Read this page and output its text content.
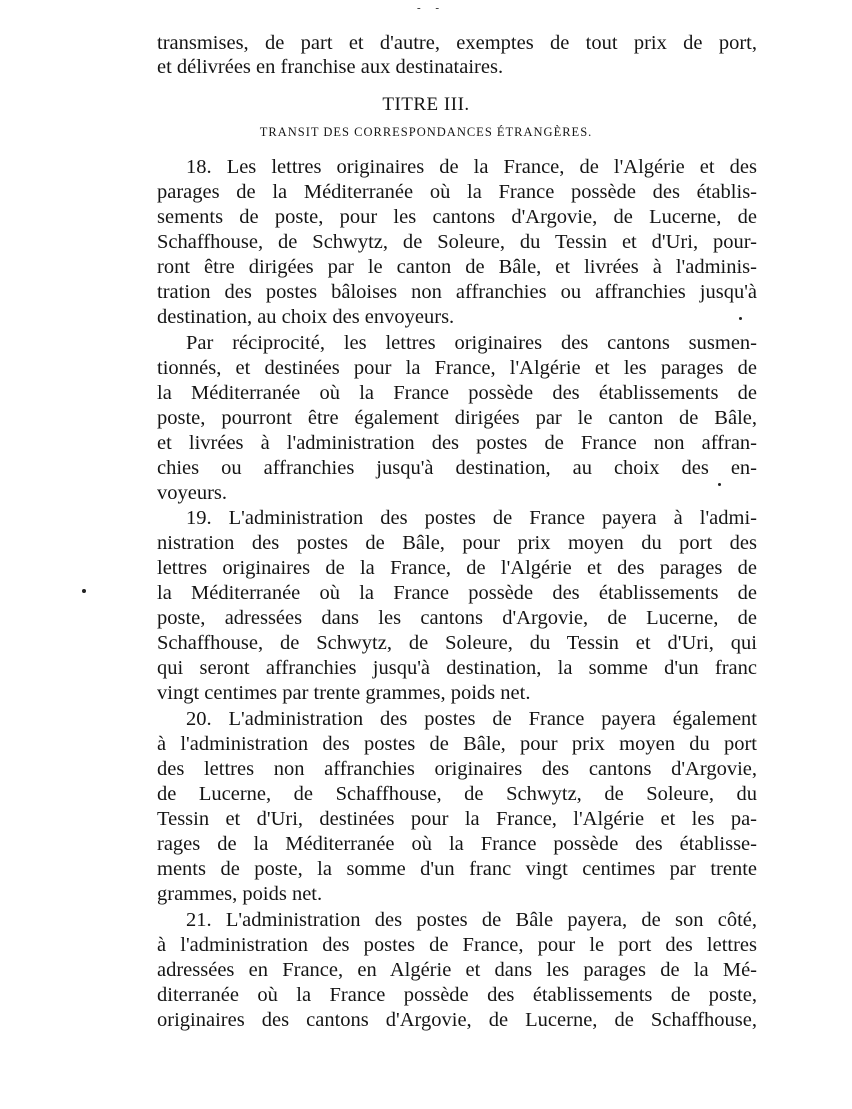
- -
transmises, de part et d'autre, exemptes de tout prix de port,
et délivrées en franchise aux destinataires.
TITRE III.
TRANSIT DES CORRESPONDANCES ÉTRANGÈRES.
18. Les lettres originaires de la France, de l'Algérie et des
parages de la Méditerranée où la France possède des établis-
sements de poste, pour les cantons d'Argovie, de Lucerne, de
Schaffhouse, de Schwytz, de Soleure, du Tessin et d'Uri, pour-
ront être dirigées par le canton de Bâle, et livrées à l'adminis-
tration des postes bâloises non affranchies ou affranchies jusqu'à
destination, au choix des envoyeurs.
Par réciprocité, les lettres originaires des cantons susmen-
tionnés, et destinées pour la France, l'Algérie et les parages de
la Méditerranée où la France possède des établissements de
poste, pourront être également dirigées par le canton de Bâle,
et livrées à l'administration des postes de France non affran-
chies ou affranchies jusqu'à destination, au choix des en-
voyeurs.
19. L'administration des postes de France payera à l'admi-
nistration des postes de Bâle, pour prix moyen du port des
lettres originaires de la France, de l'Algérie et des parages de
la Méditerranée où la France possède des établissements de
poste, adressées dans les cantons d'Argovie, de Lucerne, de
Schaffhouse, de Schwytz, de Soleure, du Tessin et d'Uri, qui
qui seront affranchies jusqu'à destination, la somme d'un franc
vingt centimes par trente grammes, poids net.
20. L'administration des postes de France payera également
à l'administration des postes de Bâle, pour prix moyen du port
des lettres non affranchies originaires des cantons d'Argovie,
de Lucerne, de Schaffhouse, de Schwytz, de Soleure, du
Tessin et d'Uri, destinées pour la France, l'Algérie et les pa-
rages de la Méditerranée où la France possède des établisse-
ments de poste, la somme d'un franc vingt centimes par trente
grammes, poids net.
21. L'administration des postes de Bâle payera, de son côté,
à l'administration des postes de France, pour le port des lettres
adressées en France, en Algérie et dans les parages de la Mé-
diterranée où la France possède des établissements de poste,
originaires des cantons d'Argovie, de Lucerne, de Schaffhouse,
